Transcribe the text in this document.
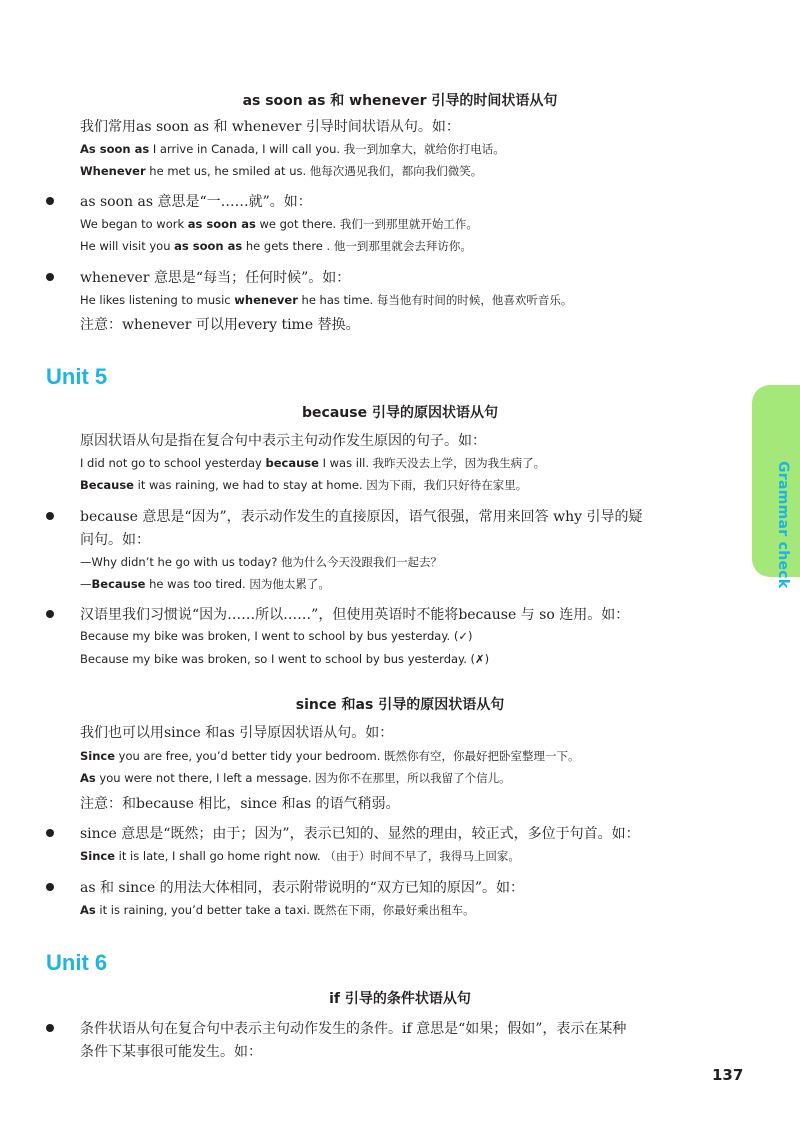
as soon as 和 whenever 引导的时间状语从句
我们常用as soon as 和 whenever 引导时间状语从句。如：
As soon as I arrive in Canada, I will call you. 我一到加拿大，就给你打电话。
Whenever he met us, he smiled at us. 他每次遇见我们，都向我们微笑。
as soon as 意思是“一……就”。如：
We began to work as soon as we got there. 我们一到那里就开始工作。
He will visit you as soon as he gets there . 他一到那里就会去拜访你。
whenever 意思是“每当；任何时候”。如：
He likes listening to music whenever he has time. 每当他有时间的时候，他喜欢听音乐。
注意：whenever 可以用every time 替换。
Unit 5
because 引导的原因状语从句
原因状语从句是指在复合句中表示主句动作发生原因的句子。如：
I did not go to school yesterday because I was ill. 我昨天没去上学，因为我生病了。
Because it was raining, we had to stay at home. 因为下雨，我们只好待在家里。
because 意思是“因为”，表示动作发生的直接原因，语气很强，常用来回答 why 引导的疑
问句。如：
—Why didn’t he go with us today? 他为什么今天没跟我们一起去？
—Because he was too tired. 因为他太累了。
汉语里我们习惯说“因为……所以……”，但使用英语时不能将because 与 so 连用。如：
Because my bike was broken, I went to school by bus yesterday. (✓)
Because my bike was broken, so I went to school by bus yesterday. (✗)
since 和as 引导的原因状语从句
我们也可以用since 和as 引导原因状语从句。如：
Since you are free, you’d better tidy your bedroom. 既然你有空，你最好把卧室整理一下。
As you were not there, I left a message. 因为你不在那里，所以我留了个信儿。
注意：和because 相比，since 和as 的语气稍弱。
since 意思是“既然；由于；因为”，表示已知的、显然的理由，较正式，多位于句首。如：
Since it is late, I shall go home right now. （由于）时间不早了，我得马上回家。
as 和 since 的用法大体相同，表示附带说明的“双方已知的原因”。如：
As it is raining, you’d better take a taxi. 既然在下雨，你最好乘出租车。
Unit 6
if 引导的条件状语从句
条件状语从句在复合句中表示主句动作发生的条件。if 意思是“如果；假如”，表示在某种
条件下某事很可能发生。如：
Grammar check
137
